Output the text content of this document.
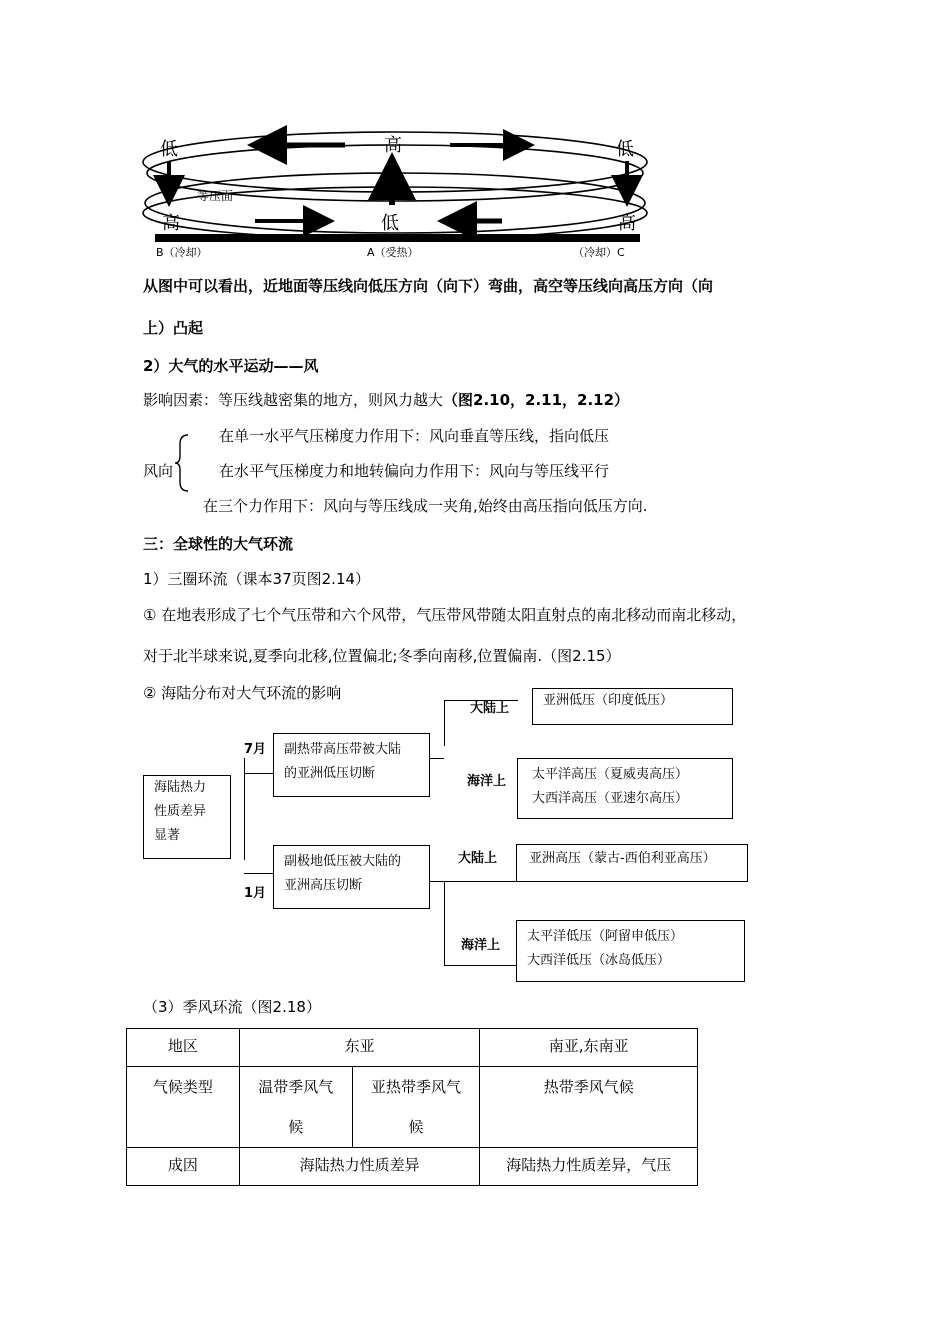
低	高	低
高	低	高
等压面
B（冷却）	A（受热）	（冷却）C
从图中可以看出，近地面等压线向低压方向（向下）弯曲，高空等压线向高压方向（向
上）凸起
2）大气的水平运动——风
影响因素：等压线越密集的地方，则风力越大（图2.10，2.11，2.12）
在单一水平气压梯度力作用下：风向垂直等压线，指向低压
风向	在水平气压梯度力和地转偏向力作用下：风向与等压线平行
在三个力作用下：风向与等压线成一夹角,始终由高压指向低压方向.
三：全球性的大气环流
1）三圈环流（课本37页图2.14）
① 在地表形成了七个气压带和六个风带，气压带风带随太阳直射点的南北移动而南北移动，
对于北半球来说,夏季向北移,位置偏北;冬季向南移,位置偏南.（图2.15）
② 海陆分布对大气环流的影响
海陆热力
性质差异
显著
7月
1月
副热带高压带被大陆
的亚洲低压切断
副极地低压被大陆的
亚洲高压切断
大陆上
海洋上
亚洲低压（印度低压）
太平洋高压（夏威夷高压）
大西洋高压（亚速尔高压）
大陆上
海洋上
亚洲高压（蒙古-西伯利亚高压）
太平洋低压（阿留申低压）
大西洋低压（冰岛低压）
（3）季风环流（图2.18）
地区	东亚		南亚,东南亚
气候类型	温带季风气候	亚热带季风气候	热带季风气候
成因	海陆热力性质差异		海陆热力性质差异，气压
